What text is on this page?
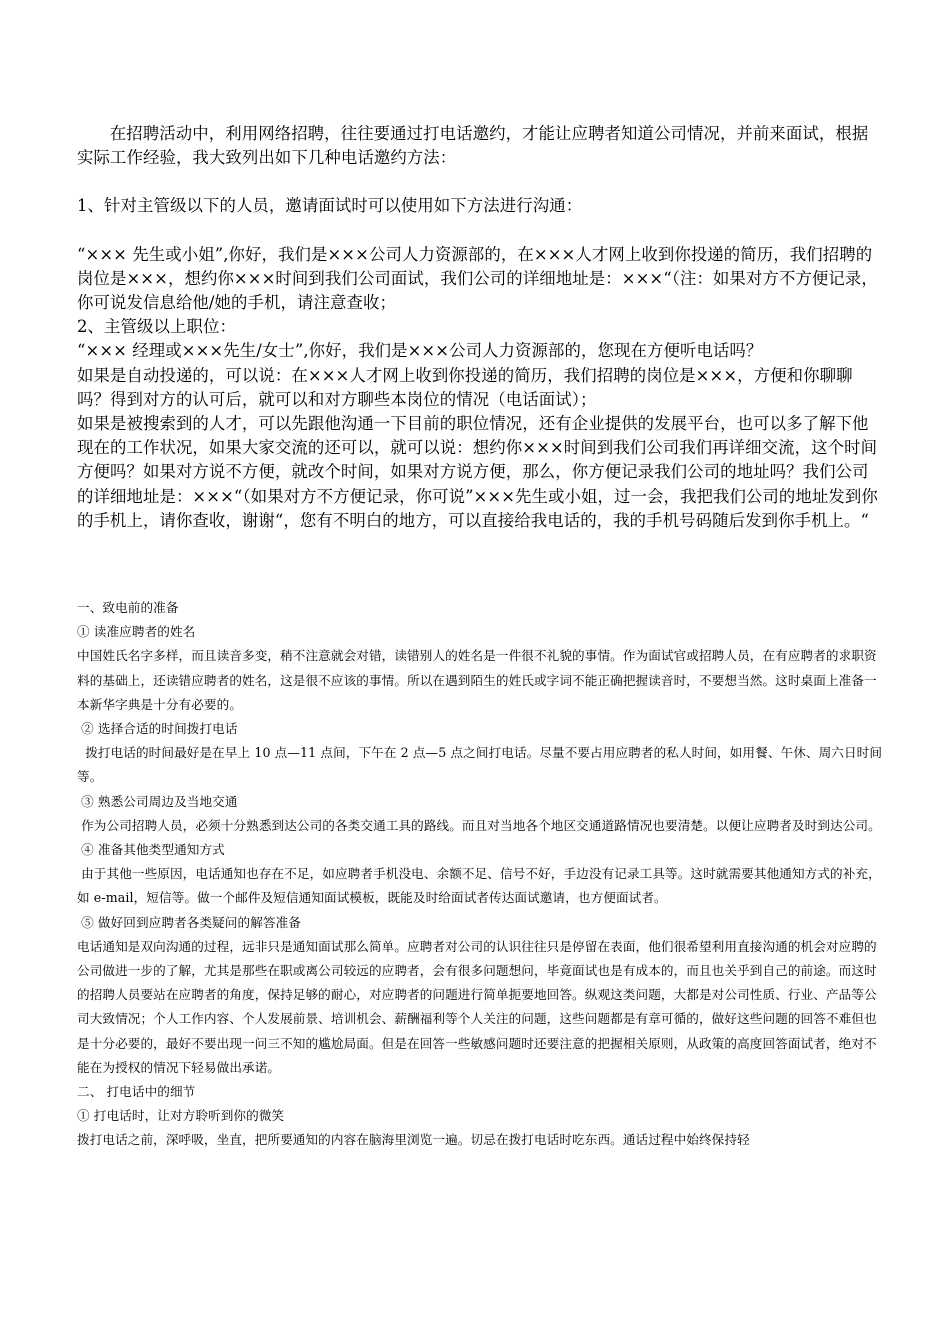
在招聘活动中，利用网络招聘，往往要通过打电话邀约，才能让应聘者知道公司情况，并前来面试，根据实际工作经验，我大致列出如下几种电话邀约方法：

1、针对主管级以下的人员，邀请面试时可以使用如下方法进行沟通：

“××× 先生或小姐”,你好，我们是×××公司人力资源部的，在×××人才网上收到你投递的简历，我们招聘的岗位是×××，想约你×××时间到我们公司面试，我们公司的详细地址是：×××“（注：如果对方不方便记录，你可说发信息给他/她的手机，请注意查收；

2、主管级以上职位：

“××× 经理或×××先生/女士”,你好，我们是×××公司人力资源部的，您现在方便听电话吗？

如果是自动投递的，可以说：在×××人才网上收到你投递的简历，我们招聘的岗位是×××，方便和你聊聊吗？得到对方的认可后，就可以和对方聊些本岗位的情况（电话面试）；

如果是被搜索到的人才，可以先跟他沟通一下目前的职位情况，还有企业提供的发展平台，也可以多了解下他现在的工作状况，如果大家交流的还可以，就可以说：想约你×××时间到我们公司我们再详细交流，这个时间方便吗？如果对方说不方便，就改个时间，如果对方说方便，那么，你方便记录我们公司的地址吗？我们公司的详细地址是：×××“（如果对方不方便记录，你可说”×××先生或小姐，过一会，我把我们公司的地址发到你的手机上，请你查收，谢谢“，您有不明白的地方，可以直接给我电话的，我的手机号码随后发到你手机上。“

一、致电前的准备

① 读准应聘者的姓名

中国姓氏名字多样，而且读音多变，稍不注意就会对错，读错别人的姓名是一件很不礼貌的事情。作为面试官或招聘人员，在有应聘者的求职资料的基础上，还读错应聘者的姓名，这是很不应该的事情。所以在遇到陌生的姓氏或字词不能正确把握读音时，不要想当然。这时桌面上准备一本新华字典是十分有必要的。

② 选择合适的时间拨打电话

拨打电话的时间最好是在早上 10 点—11 点间，下午在 2 点—5 点之间打电话。尽量不要占用应聘者的私人时间，如用餐、午休、周六日时间等。

③ 熟悉公司周边及当地交通

作为公司招聘人员，必须十分熟悉到达公司的各类交通工具的路线。而且对当地各个地区交通道路情况也要清楚。以便让应聘者及时到达公司。

④ 准备其他类型通知方式

由于其他一些原因，电话通知也存在不足，如应聘者手机没电、余额不足、信号不好，手边没有记录工具等。这时就需要其他通知方式的补充，如 e-mail，短信等。做一个邮件及短信通知面试模板，既能及时给面试者传达面试邀请，也方便面试者。

⑤ 做好回到应聘者各类疑问的解答准备

电话通知是双向沟通的过程，远非只是通知面试那么简单。应聘者对公司的认识往往只是停留在表面，他们很希望利用直接沟通的机会对应聘的公司做进一步的了解，尤其是那些在职或离公司较远的应聘者，会有很多问题想问，毕竟面试也是有成本的，而且也关乎到自己的前途。而这时的招聘人员要站在应聘者的角度，保持足够的耐心，对应聘者的问题进行简单扼要地回答。纵观这类问题，大都是对公司性质、行业、产品等公司大致情况；个人工作内容、个人发展前景、培训机会、薪酬福利等个人关注的问题，这些问题都是有章可循的，做好这些问题的回答不难但也是十分必要的，最好不要出现一问三不知的尴尬局面。但是在回答一些敏感问题时还要注意的把握相关原则，从政策的高度回答面试者，绝对不能在为授权的情况下轻易做出承诺。

二、 打电话中的细节

① 打电话时，让对方聆听到你的微笑

拨打电话之前，深呼吸，坐直，把所要通知的内容在脑海里浏览一遍。切忌在拨打电话时吃东西。通话过程中始终保持轻
